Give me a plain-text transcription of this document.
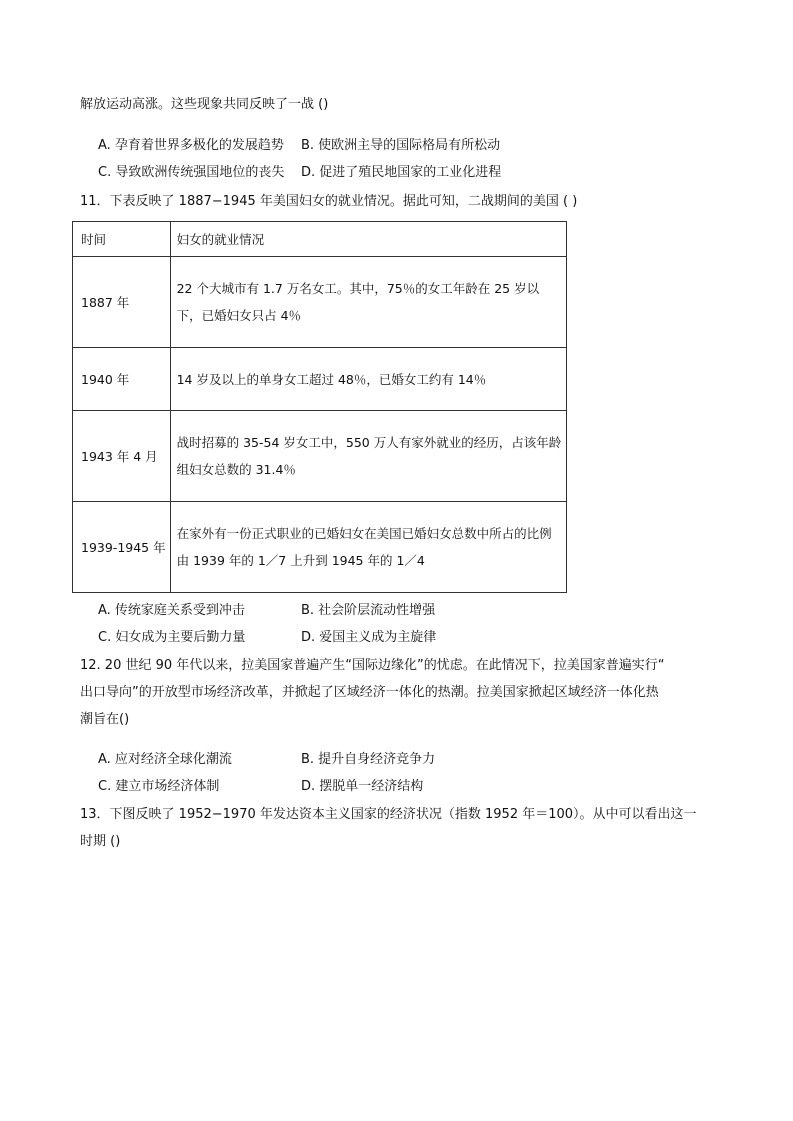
解放运动高涨。这些现象共同反映了一战 ()
A. 孕育着世界多极化的发展趋势 B. 使欧洲主导的国际格局有所松动
C. 导致欧洲传统强国地位的丧失 D. 促进了殖民地国家的工业化进程
11．下表反映了 1887−1945 年美国妇女的就业情况。据此可知，二战期间的美国 ( )
时间	妇女的就业情况
1887 年	22 个大城市有 1.7 万名女工。其中，75％的女工年龄在 25 岁以下，已婚妇女只占 4％
1940 年	14 岁及以上的单身女工超过 48％，已婚女工约有 14％
1943 年 4 月	战时招募的 35-54 岁女工中，550 万人有家外就业的经历，占该年龄组妇女总数的 31.4％
1939-1945 年	在家外有一份正式职业的已婚妇女在美国已婚妇女总数中所占的比例由 1939 年的 1／7 上升到 1945 年的 1／4
A. 传统家庭关系受到冲击	B. 社会阶层流动性增强
C. 妇女成为主要后勤力量	D. 爱国主义成为主旋律
12. 20 世纪 90 年代以来，拉美国家普遍产生“国际边缘化”的忧虑。在此情况下，拉美国家普遍实行“
出口导向”的开放型市场经济改革，并掀起了区域经济一体化的热潮。拉美国家掀起区域经济一体化热
潮旨在()
A. 应对经济全球化潮流	B. 提升自身经济竞争力
C. 建立市场经济体制	D. 摆脱单一经济结构
13．下图反映了 1952−1970 年发达资本主义国家的经济状况（指数 1952 年＝100）。从中可以看出这一
时期 ()
